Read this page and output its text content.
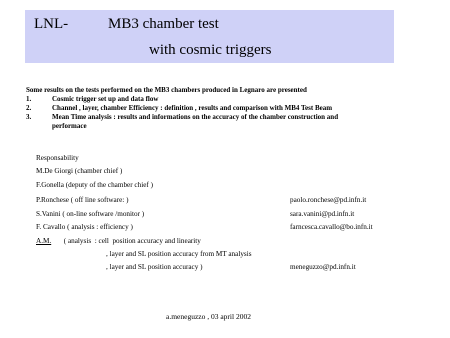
LNL-	MB3 chamber test
with cosmic triggers
Some results on the tests performed on the MB3 chambers produced in Legnaro are presented
1.	Cosmic trigger set up and data flow
2.	Channel , layer, chamber Efficiency : definition , results and comparison with MB4 Test Beam
3.	Mean Time analysis : results and informations on the accuracy of the chamber construction and
performace
Responsability
M.De Giorgi (chamber chief )
F.Gonella (deputy of the chamber chief )
P.Ronchese ( off line software: )	paolo.ronchese@pd.infn.it
S.Vanini ( on-line software /monitor )	sara.vanini@pd.infn.it
F. Cavallo ( analysis : efficiency )	farncesca.cavallo@bo.infn.it
A.M.       ( analysis  : cell  position accuracy and linearity
, layer and SL position accuracy from MT analysis
, layer and SL position accuracy )	meneguzzo@pd.infn.it
a.meneguzzo , 03 april 2002
